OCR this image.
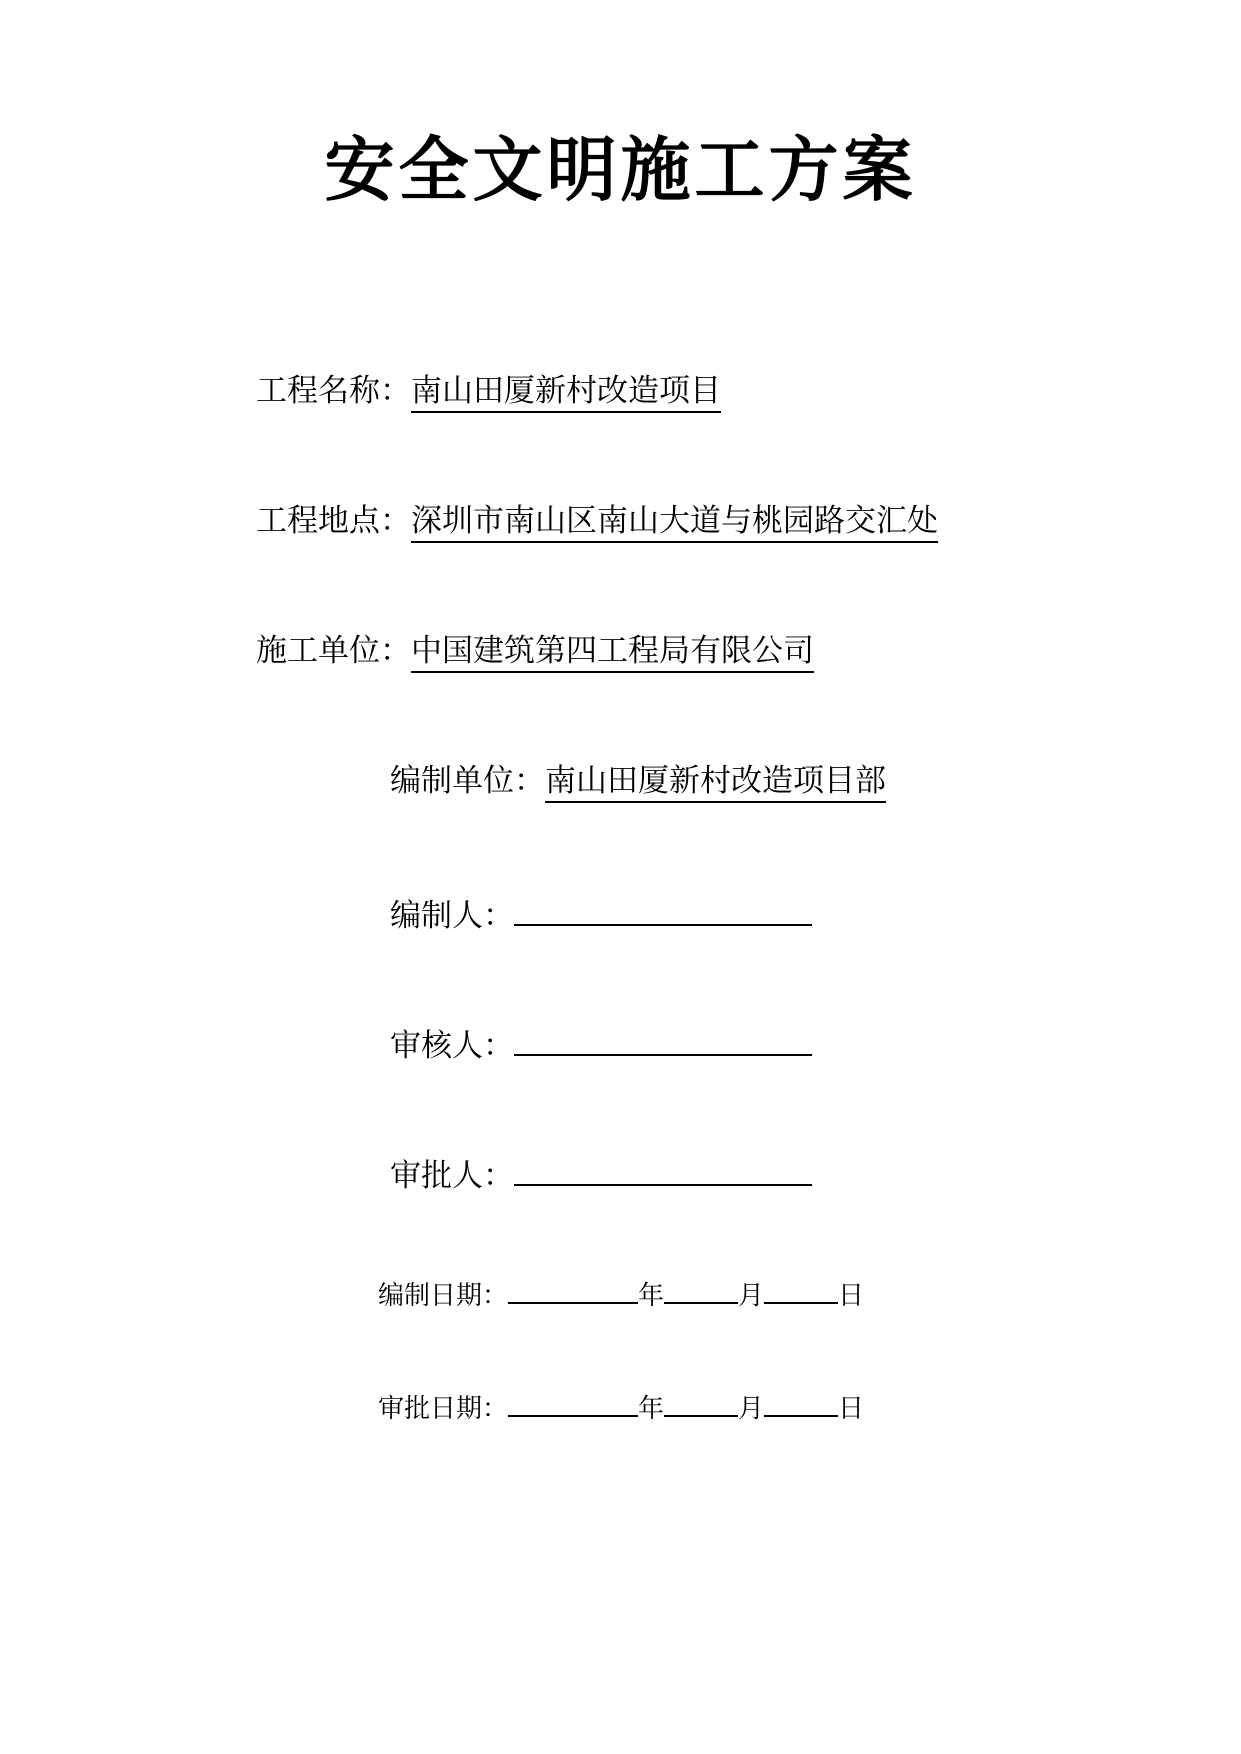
安全文明施工方案
工程名称：南山田厦新村改造项目
工程地点：深圳市南山区南山大道与桃园路交汇处
施工单位：中国建筑第四工程局有限公司
编制单位：南山田厦新村改造项目部
编制人：
审核人：
审批人：
编制日期：	年	月	日
审批日期：	年	月	日
